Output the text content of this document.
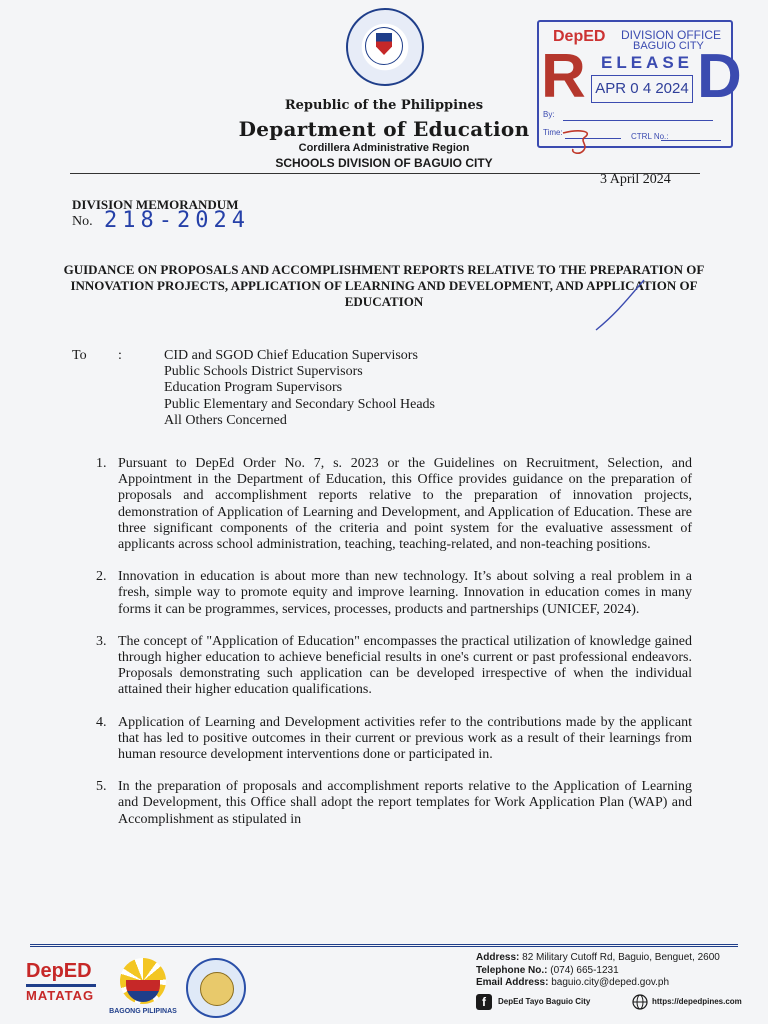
Republic of the Philippines
Department of Education
Cordillera Administrative Region
SCHOOLS DIVISION OF BAGUIO CITY
DepED DIVISION OFFICE
BAGUIO CITY
R ELEASE D
APR 0 4 2024
By:
Time:	CTRL No.:
3 April 2024
DIVISION MEMORANDUM
No. 218-2024
GUIDANCE ON PROPOSALS AND ACCOMPLISHMENT REPORTS RELATIVE TO THE PREPARATION OF INNOVATION PROJECTS, APPLICATION OF LEARNING AND DEVELOPMENT, AND APPLICATION OF EDUCATION
To :	CID and SGOD Chief Education Supervisors
Public Schools District Supervisors
Education Program Supervisors
Public Elementary and Secondary School Heads
All Others Concerned
1. Pursuant to DepEd Order No. 7, s. 2023 or the Guidelines on Recruitment, Selection, and Appointment in the Department of Education, this Office provides guidance on the preparation of proposals and accomplishment reports relative to the preparation of innovation projects, demonstration of Application of Learning and Development, and Application of Education. These are three significant components of the criteria and point system for the evaluative assessment of applicants across school administration, teaching, teaching-related, and non-teaching positions.
2. Innovation in education is about more than new technology. It’s about solving a real problem in a fresh, simple way to promote equity and improve learning. Innovation in education comes in many forms it can be programmes, services, processes, products and partnerships (UNICEF, 2024).
3. The concept of "Application of Education" encompasses the practical utilization of knowledge gained through higher education to achieve beneficial results in one's current or past professional endeavors. Proposals demonstrating such application can be developed irrespective of when the individual attained their higher education qualifications.
4. Application of Learning and Development activities refer to the contributions made by the applicant that has led to positive outcomes in their current or previous work as a result of their learnings from human resource development interventions done or participated in.
5. In the preparation of proposals and accomplishment reports relative to the Application of Learning and Development, this Office shall adopt the report templates for Work Application Plan (WAP) and Accomplishment as stipulated in
DepED
MATATAG
BAGONG PILIPINAS
Address: 82 Military Cutoff Rd, Baguio, Benguet, 2600
Telephone No.: (074) 665-1231
Email Address: baguio.city@deped.gov.ph
f	DepEd Tayo Baguio City	https://depedpines.com
